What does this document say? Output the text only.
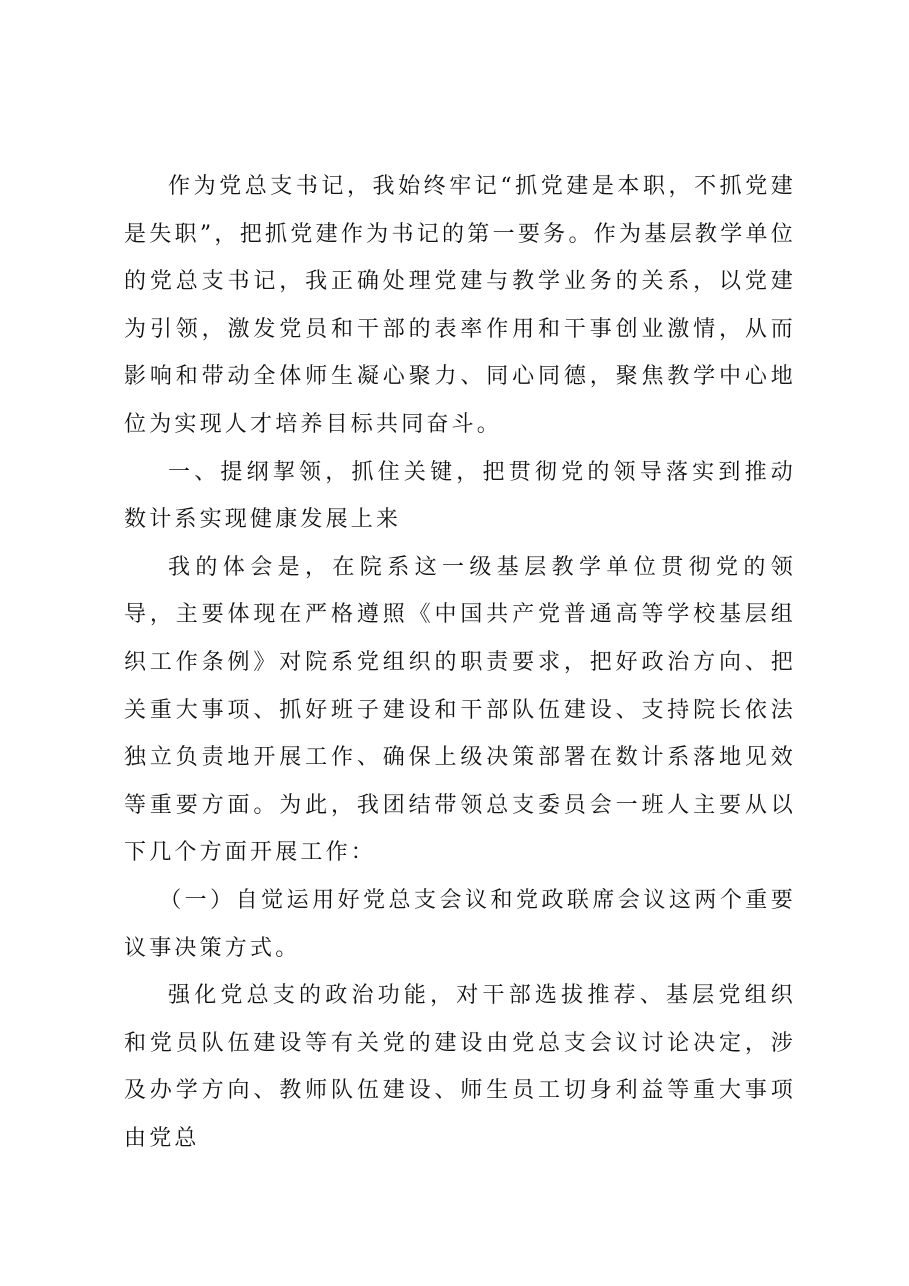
作为党总支书记，我始终牢记“抓党建是本职，不抓党建是失职”，把抓党建作为书记的第一要务。作为基层教学单位的党总支书记，我正确处理党建与教学业务的关系，以党建为引领，激发党员和干部的表率作用和干事创业激情，从而影响和带动全体师生凝心聚力、同心同德，聚焦教学中心地位为实现人才培养目标共同奋斗。

一、提纲挈领，抓住关键，把贯彻党的领导落实到推动数计系实现健康发展上来

我的体会是，在院系这一级基层教学单位贯彻党的领导，主要体现在严格遵照《中国共产党普通高等学校基层组织工作条例》对院系党组织的职责要求，把好政治方向、把关重大事项、抓好班子建设和干部队伍建设、支持院长依法独立负责地开展工作、确保上级决策部署在数计系落地见效等重要方面。为此，我团结带领总支委员会一班人主要从以下几个方面开展工作：

（一）自觉运用好党总支会议和党政联席会议这两个重要议事决策方式。

强化党总支的政治功能，对干部选拔推荐、基层党组织和党员队伍建设等有关党的建设由党总支会议讨论决定，涉及办学方向、教师队伍建设、师生员工切身利益等重大事项由党总
